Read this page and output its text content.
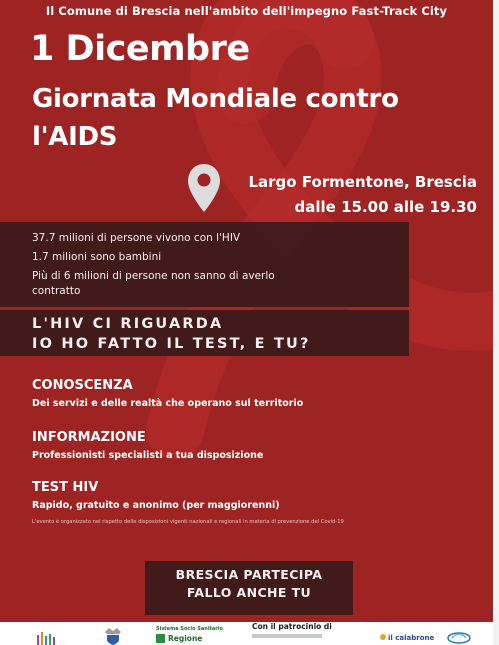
Il Comune di Brescia nell'ambito dell'impegno Fast-Track City
1 Dicembre
Giornata Mondiale contro l'AIDS
Largo Formentone, Brescia
dalle 15.00 alle 19.30
37.7 milioni di persone vivono con l'HIV
1.7 milioni sono bambini
Più di 6 milioni di persone non sanno di averlo contratto
L'HIV CI RIGUARDA
IO HO FATTO IL TEST, E TU?
CONOSCENZA
Dei servizi e delle realtà che operano sul territorio
INFORMAZIONE
Professionisti specialisti a tua disposizione
TEST HIV
Rapido, gratuito e anonimo (per maggiorenni)
L'evento è organizzato nel rispetto delle disposizioni vigenti nazionali e regionali in materia di prevenzione del Covid-19
BRESCIA PARTECIPA
FALLO ANCHE TU
Sistema Socio Sanitario
Regione
Con il patrocinio di
il calabrone
